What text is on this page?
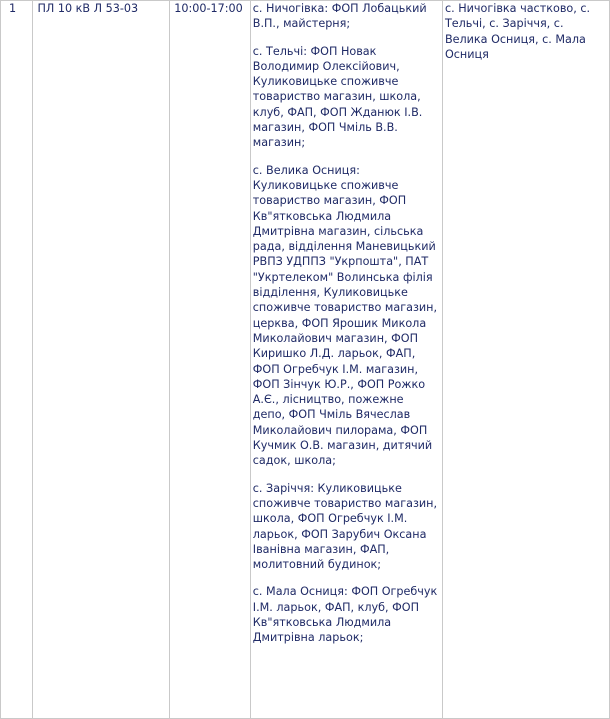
1	ПЛ 10 кВ Л 53-03	10:00-17:00	с. Ничогівка: ФОП Лобацький В.П., майстерня;

с. Тельчі: ФОП Новак Володимир Олексійович, Куликовицьке споживче товариство магазин, школа, клуб, ФАП, ФОП Жданюк І.В. магазин, ФОП Чміль В.В. магазин;

с. Велика Осниця: Куликовицьке споживче товариство магазин, ФОП Кв"ятковська Людмила Дмитрівна магазин, сільська рада, відділення Маневицький РВПЗ УДППЗ "Укрпошта", ПАТ "Укртелеком" Волинська філія відділення, Куликовицьке споживче товариство магазин, церква, ФОП Ярошик Микола Миколайович магазин, ФОП Киришко Л.Д. ларьок, ФАП, ФОП Огребчук І.М. магазин, ФОП Зінчук Ю.Р., ФОП Рожко А.Є., лісництво, пожежне депо, ФОП Чміль Вячеслав Миколайович пилорама, ФОП Кучмик О.В. магазин, дитячий садок, школа;

с. Заріччя: Куликовицьке споживче товариство магазин, школа, ФОП Огребчук І.М. ларьок, ФОП Зарубич Оксана Іванівна магазин, ФАП, молитовний будинок;

с. Мала Осниця: ФОП Огребчук І.М. ларьок, ФАП, клуб, ФОП Кв"ятковська Людмила Дмитрівна ларьок;

	с. Ничогівка частково, с. Тельчі, с. Заріччя, с. Велика Осниця, с. Мала Осниця
